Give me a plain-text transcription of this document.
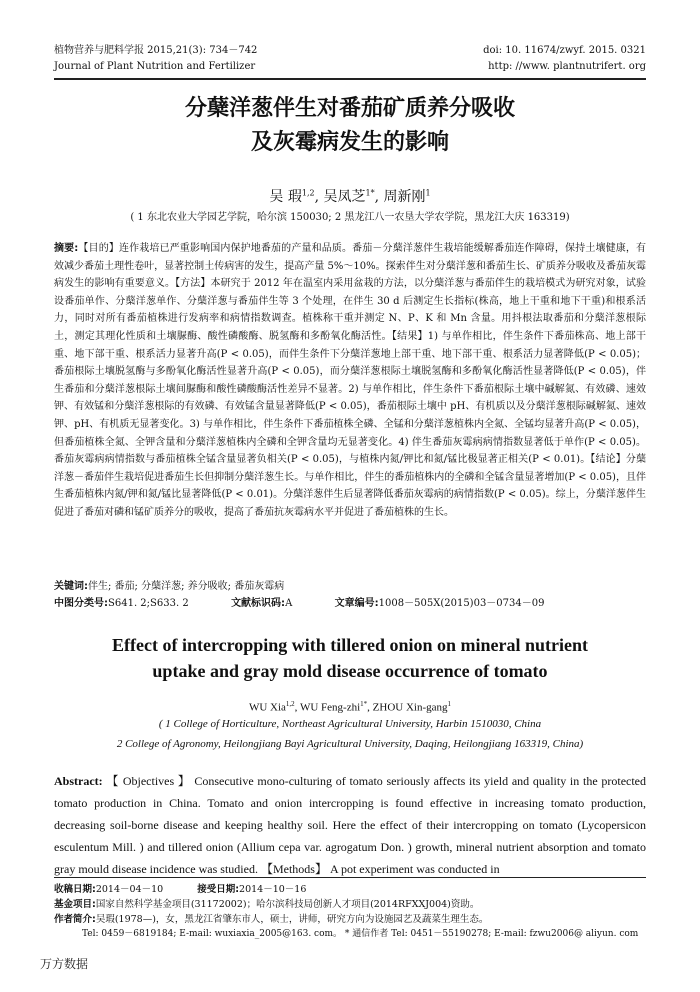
植物营养与肥料学报 2015,21(3): 734－742	doi: 10. 11674/zwyf. 2015. 0321
Journal of Plant Nutrition and Fertilizer	http: //www. plantnutrifert. org
分蘖洋葱伴生对番茄矿质养分吸收
及灰霉病发生的影响
吴 瑕$^{1,2}$, 吴凤芝$^{1*}$, 周新刚$^1$
( 1 东北农业大学园艺学院，哈尔滨 150030; 2 黑龙江八一农垦大学农学院，黑龙江大庆 163319)
摘要:【目的】连作栽培已严重影响国内保护地番茄的产量和品质。番茄－分蘖洋葱伴生栽培能缓解番茄连作障碍，保持土壤健康，有效减少番茄土理性卷叶，显著控制土传病害的发生，提高产量 5%～10%。探索伴生对分蘖洋葱和番茄生长、矿质养分吸收及番茄灰霉病发生的影响有重要意义。【方法】本研究于 2012 年在温室内采用盆栽的方法，以分蘖洋葱与番茄伴生的栽培模式为研究对象，试验设番茄单作、分蘖洋葱单作、分蘖洋葱与番茄伴生等 3 个处理，在伴生 30 d 后测定生长指标(株高，地上干重和地下干重)和根系活力，同时对所有番茄植株进行发病率和病情指数调查。植株称干重并测定 N、P、K 和 Mn 含量。用抖根法取番茄和分蘖洋葱根际土，测定其理化性质和土壤脲酶、酸性磷酸酶、脱氢酶和多酚氧化酶活性。【结果】1) 与单作相比，伴生条件下番茄株高、地上部干重、地下部干重、根系活力显著升高(P < 0.05)，而伴生条件下分蘖洋葱地上部干重、地下部干重、根系活力显著降低(P < 0.05)；番茄根际土壤脱氢酶与多酚氧化酶活性显著升高(P < 0.05)，而分蘖洋葱根际土壤脱氢酶和多酚氧化酶活性显著降低(P < 0.05)，伴生番茄和分蘖洋葱根际土壤间脲酶和酸性磷酸酶活性差异不显著。2) 与单作相比，伴生条件下番茄根际土壤中碱解氮、有效磷、速效钾、有效锰和分蘖洋葱根际的有效磷、有效锰含量显著降低(P < 0.05)，番茄根际土壤中 pH、有机质以及分蘖洋葱根际碱解氮、速效钾、pH、有机质无显著变化。3) 与单作相比，伴生条件下番茄植株全磷、全锰和分蘖洋葱植株内全氮、全锰均显著升高(P < 0.05)，但番茄植株全氮、全钾含量和分蘖洋葱植株内全磷和全钾含量均无显著变化。4) 伴生番茄灰霉病病情指数显著低于单作(P < 0.05)。番茄灰霉病病情指数与番茄植株全锰含量显著负相关(P < 0.05)，与植株内氮/钾比和氮/锰比极显著正相关(P < 0.01)。【结论】分蘖洋葱－番茄伴生栽培促进番茄生长但抑制分蘖洋葱生长。与单作相比，伴生的番茄植株内的全磷和全锰含量显著增加(P < 0.05)，且伴生番茄植株内氮/钾和氮/锰比显著降低(P < 0.01)。分蘖洋葱伴生后显著降低番茄灰霉病的病情指数(P < 0.05)。综上，分蘖洋葱伴生促进了番茄对磷和锰矿质养分的吸收，提高了番茄抗灰霉病水平并促进了番茄植株的生长。
关键词:伴生; 番茄; 分蘖洋葱; 养分吸收; 番茄灰霉病
中图分类号:S641. 2;S633. 2	文献标识码:A	文章编号:1008－505X(2015)03－0734－09
Effect of intercropping with tillered onion on mineral nutrient
uptake and gray mold disease occurrence of tomato
WU Xia$^{1,2}$, WU Feng-zhi$^{1*}$, ZHOU Xin-gang$^1$
( 1 College of Horticulture, Northeast Agricultural University, Harbin 1510030, China
2 College of Agronomy, Heilongjiang Bayi Agricultural University, Daqing, Heilongjiang 163319, China)
Abstract: 【 Objectives 】 Consecutive mono-culturing of tomato seriously affects its yield and quality in the protected tomato production in China. Tomato and onion intercropping is found effective in increasing tomato production, decreasing soil-borne disease and keeping healthy soil. Here the effect of their intercropping on tomato (Lycopersicon esculentum Mill. ) and tillered onion (Allium cepa var. agrogatum Don. ) growth, mineral nutrient absorption and tomato gray mould disease incidence was studied. 【Methods】 A pot experiment was conducted in
收稿日期:2014－04－10	接受日期:2014－10－16
基金项目:国家自然科学基金项目(31172002)；哈尔滨科技局创新人才项目(2014RFXXJ004)资助。
作者简介:吴瑕(1978—)，女，黑龙江省肇东市人，硕士，讲师，研究方向为设施园艺及蔬菜生理生态。
Tel: 0459－6819184; E-mail: wuxiaxia_2005@163. com。 * 通信作者 Tel: 0451－55190278; E-mail: fzwu2006@ aliyun. com
万方数据
